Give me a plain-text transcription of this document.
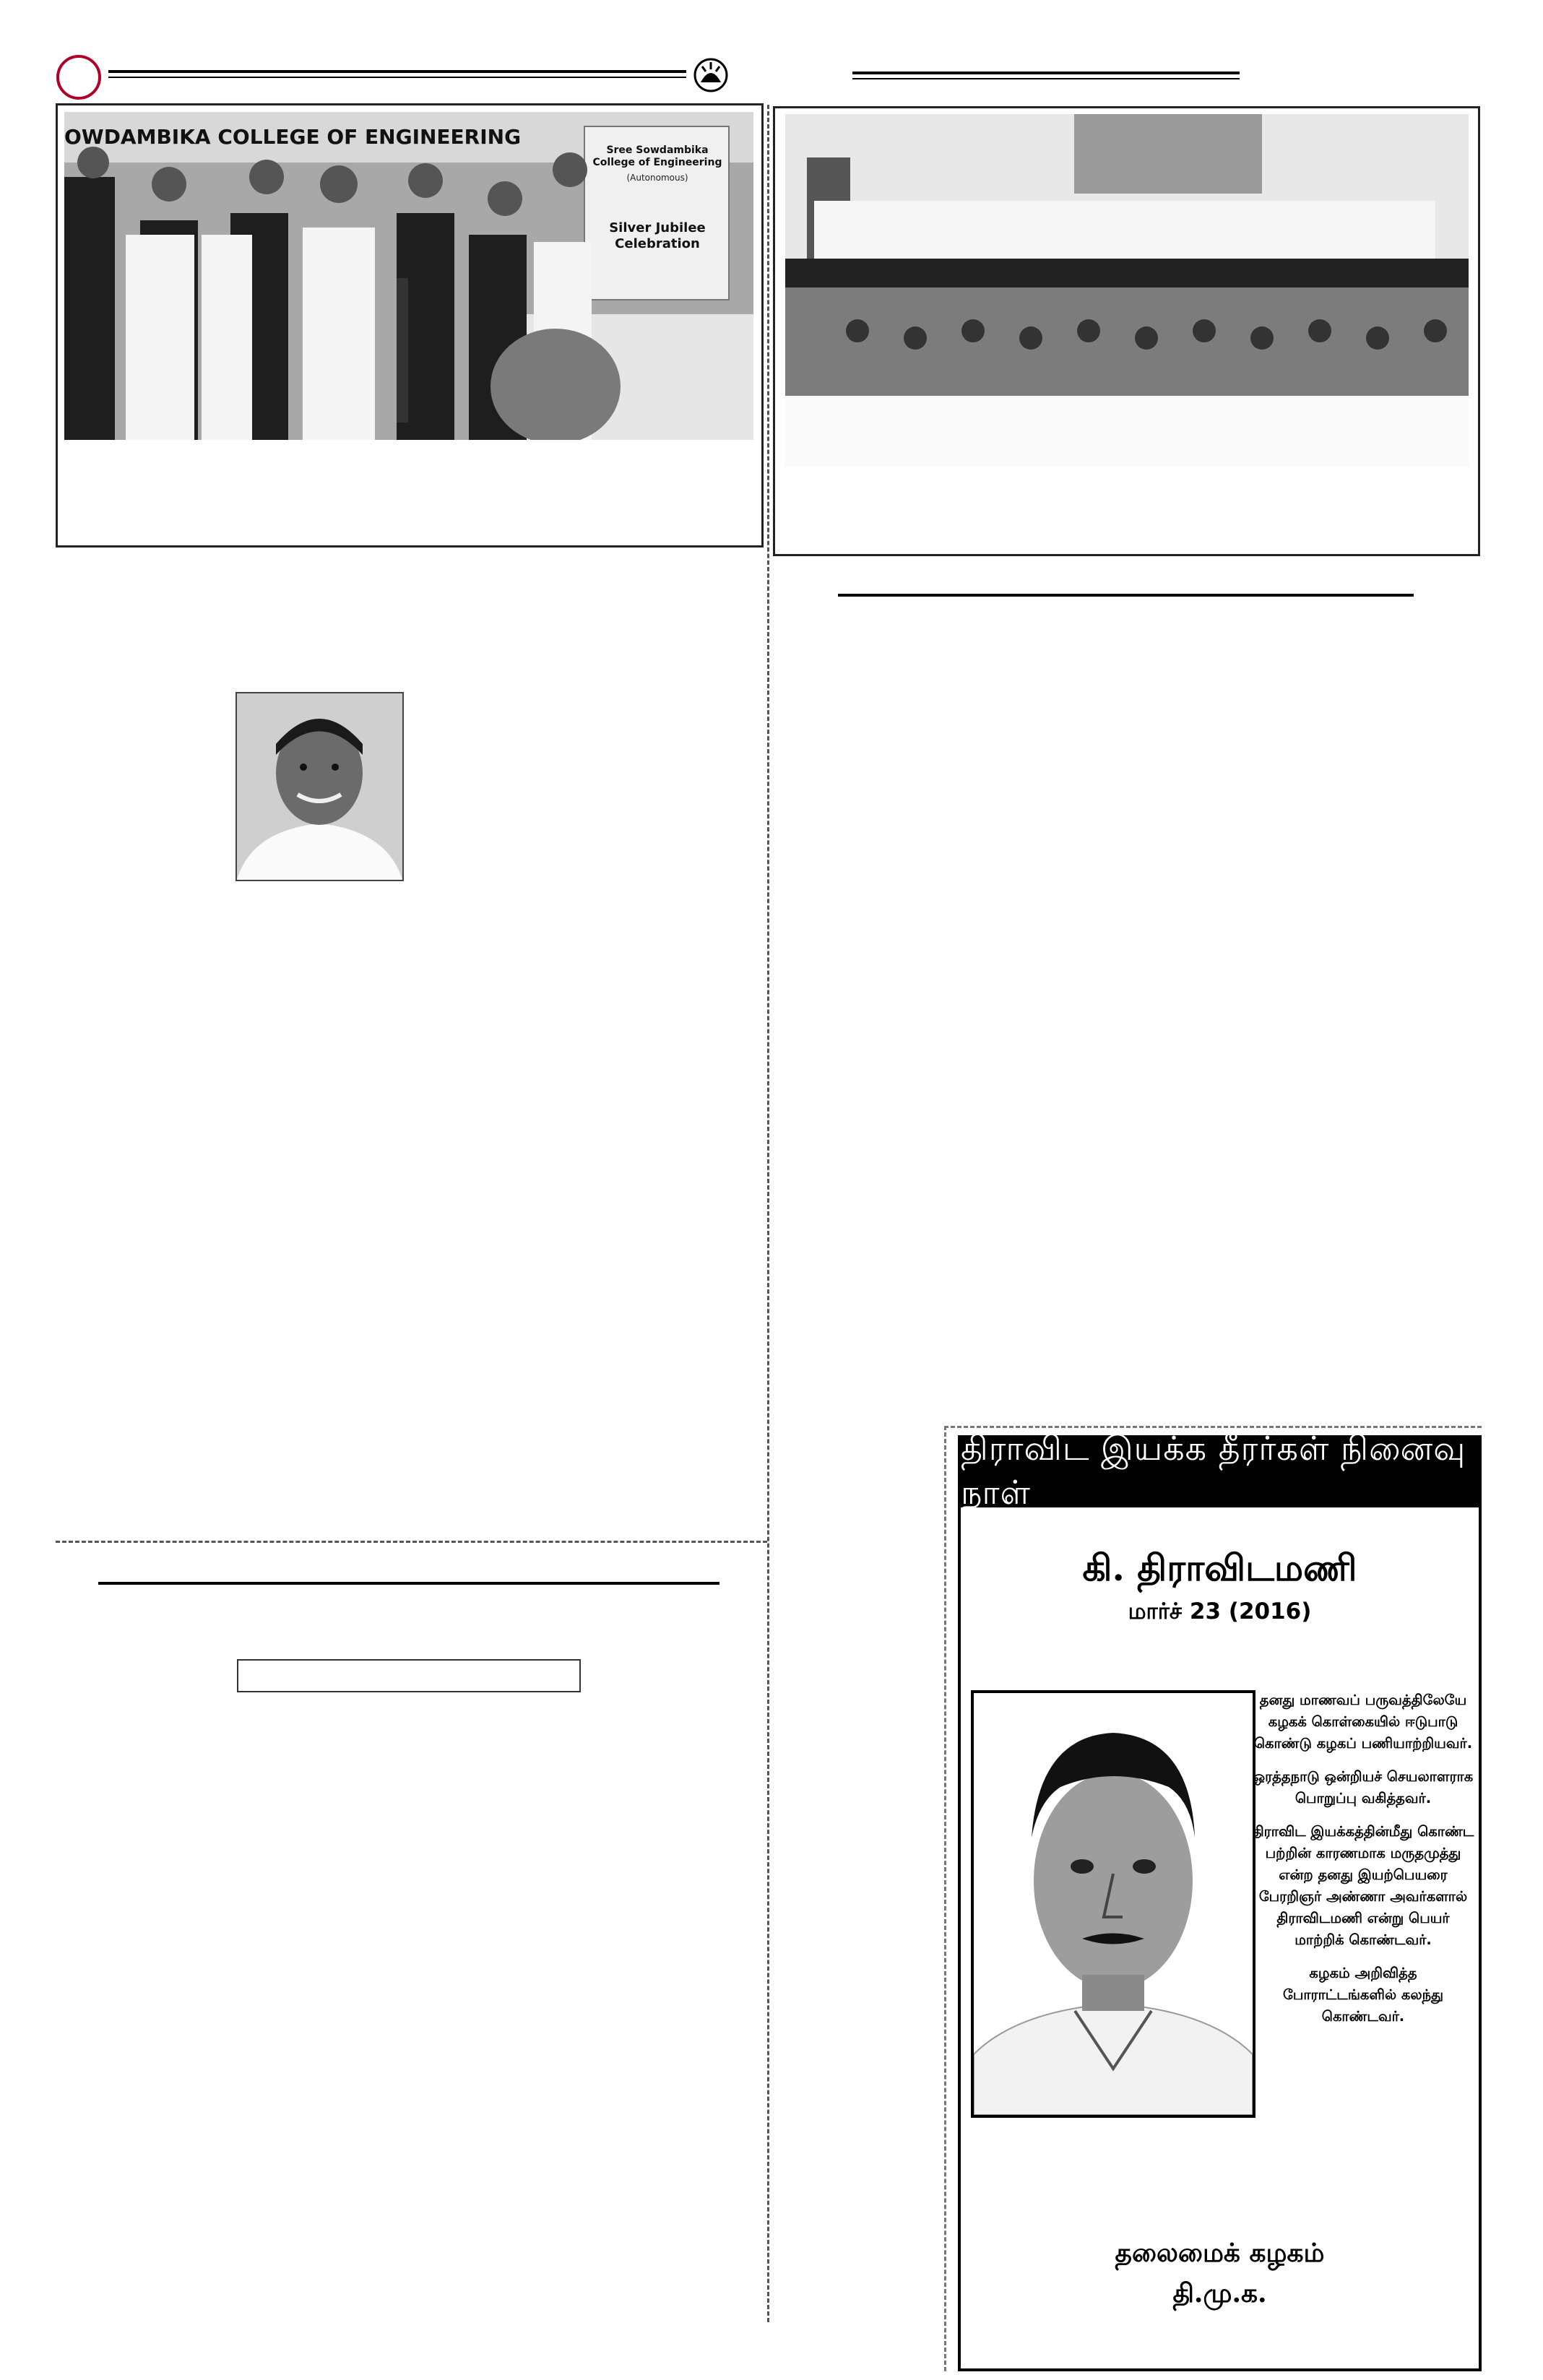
OWDAMBIKA COLLEGE OF ENGINEERING
Sree Sowdambika College of Engineering
(Autonomous)
Silver Jubilee Celebration
திராவிட இயக்க தீரர்கள் நினைவு நாள்
கி. திராவிடமணி
மார்ச் 23 (2016)

தனது மாணவப் பருவத்திலேயே கழகக் கொள்கையில் ஈடுபாடு கொண்டு கழகப் பணியாற்றியவர்.

ஒரத்தநாடு ஒன்றியச் செயலாளராக பொறுப்பு வகித்தவர்.

திராவிட இயக்கத்தின்மீது கொண்ட பற்றின் காரணமாக மருதமுத்து என்ற தனது இயற்பெயரை பேரறிஞர் அண்ணா அவர்களால் திராவிடமணி என்று பெயர் மாற்றிக் கொண்டவர்.

கழகம் அறிவித்த போராட்டங்களில் கலந்து கொண்டவர்.

தலைமைக் கழகம்
தி.மு.க.
